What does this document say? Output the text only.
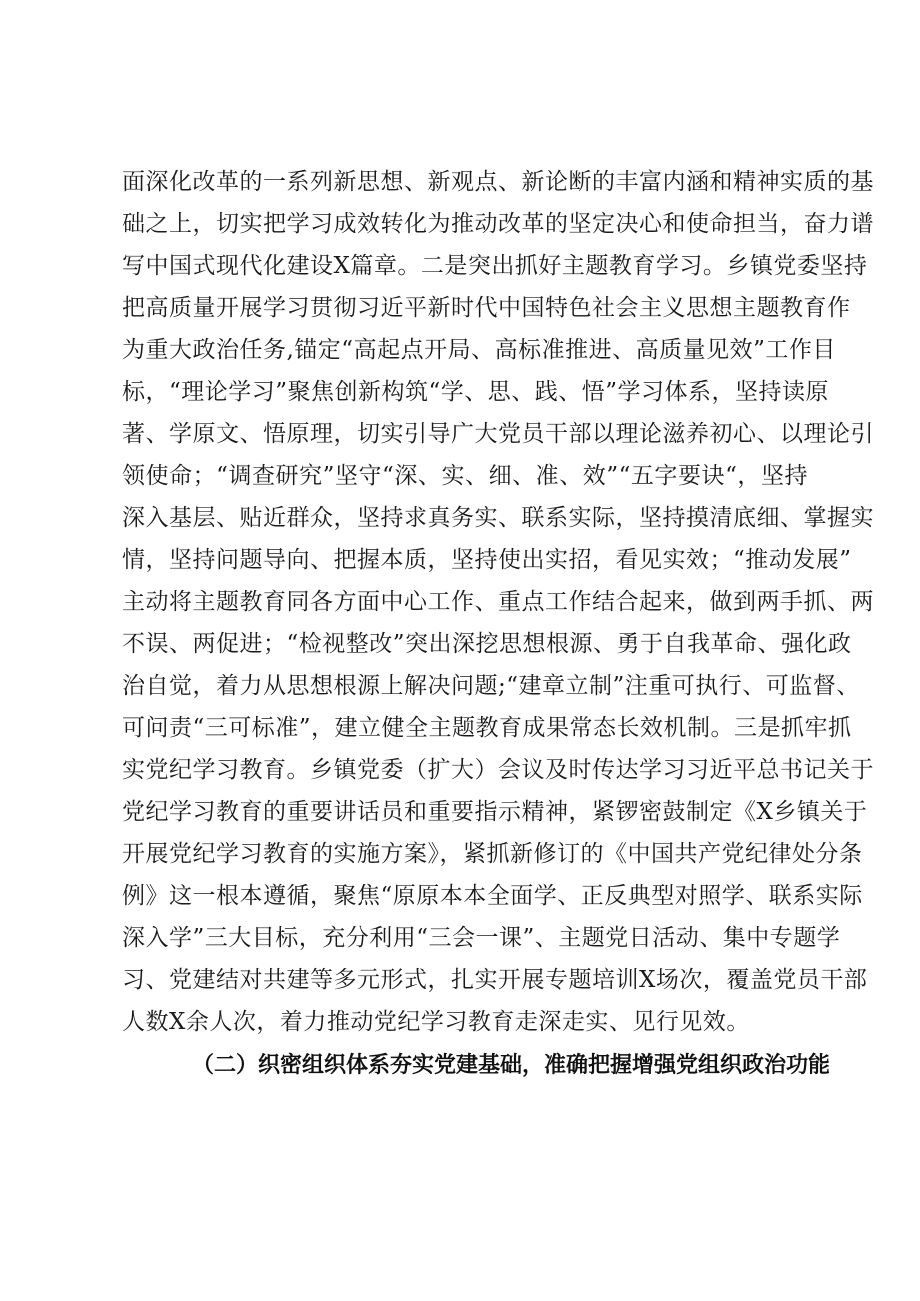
面深化改革的一系列新思想、新观点、新论断的丰富内涵和精神实质的基
础之上，切实把学习成效转化为推动改革的坚定决心和使命担当，奋力谱
写中国式现代化建设X篇章。二是突出抓好主题教育学习。乡镇党委坚持
把高质量开展学习贯彻习近平新时代中国特色社会主义思想主题教育作
为重大政治任务,锚定“高起点开局、高标准推进、高质量见效”工作目
标，“理论学习”聚焦创新构筑“学、思、践、悟”学习体系，坚持读原
著、学原文、悟原理，切实引导广大党员干部以理论滋养初心、以理论引
领使命；“调查研究”坚守“深、实、细、准、效”“五字要诀“，坚持
深入基层、贴近群众，坚持求真务实、联系实际，坚持摸清底细、掌握实
情，坚持问题导向、把握本质，坚持使出实招，看见实效；“推动发展”
主动将主题教育同各方面中心工作、重点工作结合起来，做到两手抓、两
不误、两促进；“检视整改”突出深挖思想根源、勇于自我革命、强化政
治自觉，着力从思想根源上解决问题;“建章立制”注重可执行、可监督、
可问责“三可标准”，建立健全主题教育成果常态长效机制。三是抓牢抓
实党纪学习教育。乡镇党委（扩大）会议及时传达学习习近平总书记关于
党纪学习教育的重要讲话员和重要指示精神，紧锣密鼓制定《X乡镇关于
开展党纪学习教育的实施方案》，紧抓新修订的《中国共产党纪律处分条
例》这一根本遵循，聚焦“原原本本全面学、正反典型对照学、联系实际
深入学”三大目标，充分利用“三会一课”、主题党日活动、集中专题学
习、党建结对共建等多元形式，扎实开展专题培训X场次，覆盖党员干部
人数X余人次，着力推动党纪学习教育走深走实、见行见效。
（二）织密组织体系夯实党建基础，准确把握增强党组织政治功能
